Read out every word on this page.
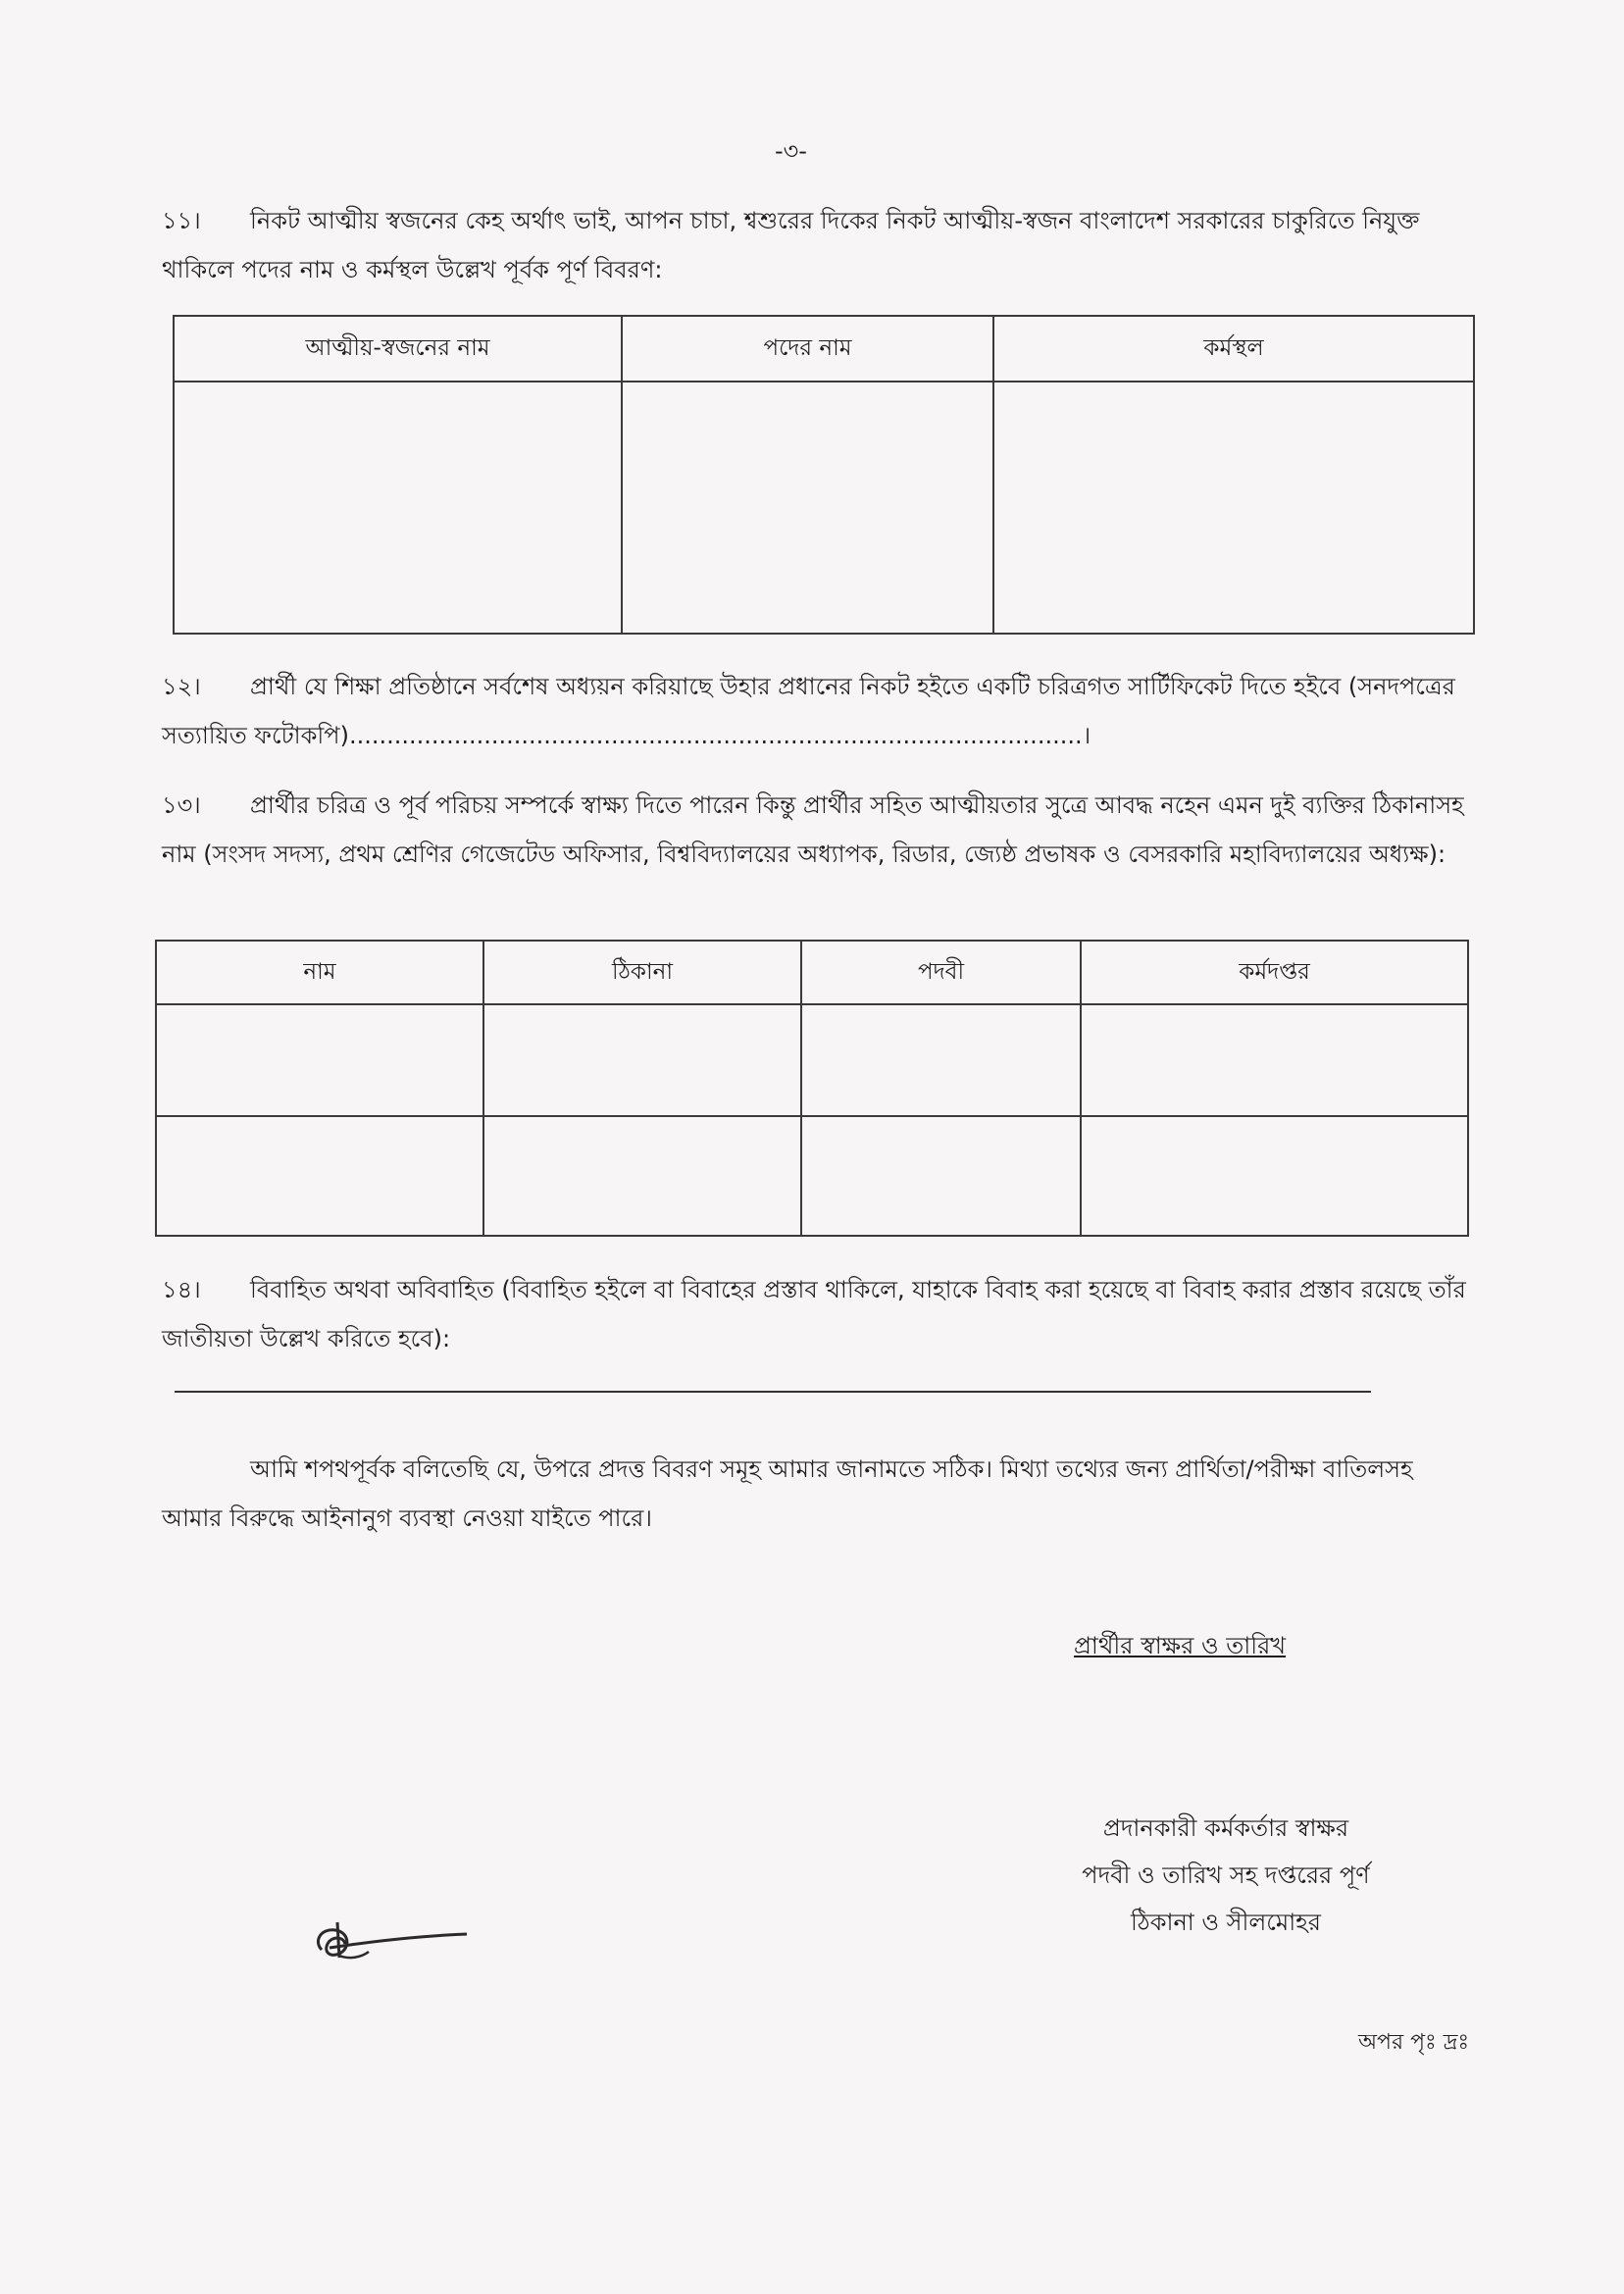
-৩-
১১। নিকট আত্মীয় স্বজনের কেহ অর্থাৎ ভাই, আপন চাচা, শ্বশুরের দিকের নিকট আত্মীয়-স্বজন বাংলাদেশ সরকারের চাকুরিতে নিযুক্ত থাকিলে পদের নাম ও কর্মস্থল উল্লেখ পূর্বক পূর্ণ বিবরণ:
আত্মীয়-স্বজনের নাম	পদের নাম	কর্মস্থল

১২। প্রার্থী যে শিক্ষা প্রতিষ্ঠানে সর্বশেষ অধ্যয়ন করিয়াছে উহার প্রধানের নিকট হইতে একটি চরিত্রগত সার্টিফিকেট দিতে হইবে (সনদপত্রের সত্যায়িত ফটোকপি)..................................................................................................।
১৩। প্রার্থীর চরিত্র ও পূর্ব পরিচয় সম্পর্কে স্বাক্ষ্য দিতে পারেন কিন্তু প্রার্থীর সহিত আত্মীয়তার সুত্রে আবদ্ধ নহেন এমন দুই ব্যক্তির ঠিকানাসহ নাম (সংসদ সদস্য, প্রথম শ্রেণির গেজেটেড অফিসার, বিশ্ববিদ্যালয়ের অধ্যাপক, রিডার, জ্যেষ্ঠ প্রভাষক ও বেসরকারি মহাবিদ্যালয়ের অধ্যক্ষ):
নাম	ঠিকানা	পদবী	কর্মদপ্তর

১৪। বিবাহিত অথবা অবিবাহিত (বিবাহিত হইলে বা বিবাহের প্রস্তাব থাকিলে, যাহাকে বিবাহ করা হয়েছে বা বিবাহ করার প্রস্তাব রয়েছে তাঁর জাতীয়তা উল্লেখ করিতে হবে):
আমি শপথপূর্বক বলিতেছি যে, উপরে প্রদত্ত বিবরণ সমূহ আমার জানামতে সঠিক। মিথ্যা তথ্যের জন্য প্রার্থিতা/পরীক্ষা বাতিলসহ আমার বিরুদ্ধে আইনানুগ ব্যবস্থা নেওয়া যাইতে পারে।
প্রার্থীর স্বাক্ষর ও তারিখ
প্রদানকারী কর্মকর্তার স্বাক্ষর
পদবী ও তারিখ সহ দপ্তরের পূর্ণ
ঠিকানা ও সীলমোহর
অপর পৃঃ দ্রঃ
